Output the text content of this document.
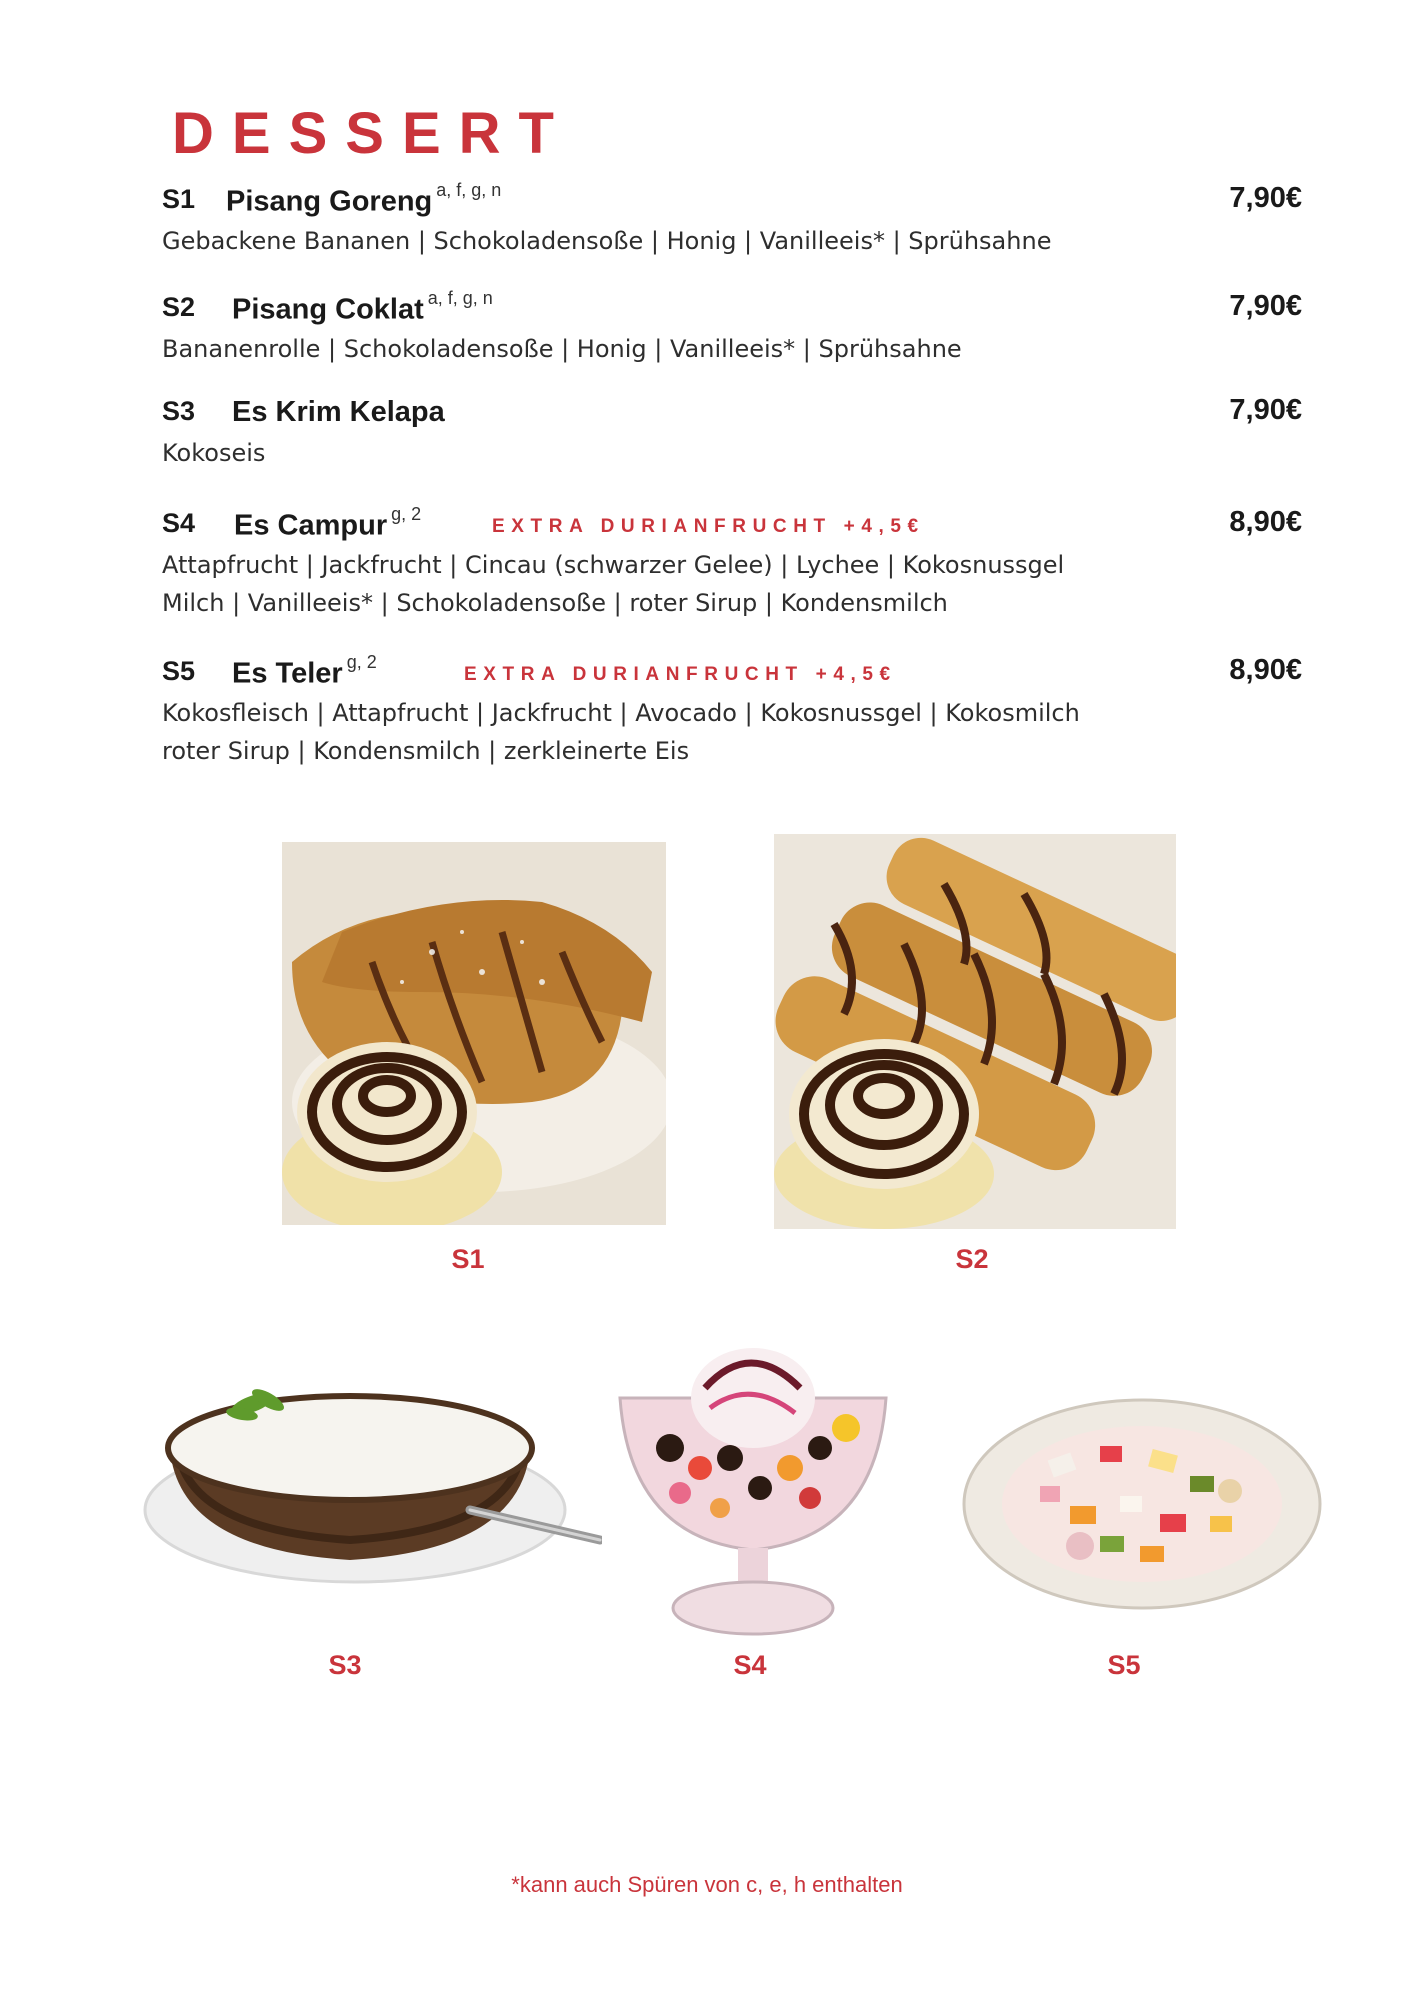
DESSERT
S1 Pisang Goreng $^{a, f, g, n}$	7,90€
Gebackene Bananen | Schokoladensoße | Honig | Vanilleeis* | Sprühsahne
S2 Pisang Coklat $^{a, f, g, n}$	7,90€
Bananenrolle | Schokoladensoße | Honig | Vanilleeis* | Sprühsahne
S3 Es Krim Kelapa	7,90€
Kokoseis
S4 Es Campur $^{g, 2}$
EXTRA DURIANFRUCHT +4,5€	8,90€
Attapfrucht | Jackfrucht | Cincau (schwarzer Gelee) | Lychee | Kokosnussgel
Milch | Vanilleeis* | Schokoladensoße | roter Sirup | Kondensmilch
S5 Es Teler $^{g, 2}$
EXTRA DURIANFRUCHT +4,5€	8,90€
Kokosfleisch | Attapfrucht | Jackfrucht | Avocado | Kokosnussgel | Kokosmilch
roter Sirup | Kondensmilch | zerkleinerte Eis
S1	S2
S3	S4	S5
*kann auch Spüren von c, e, h enthalten
